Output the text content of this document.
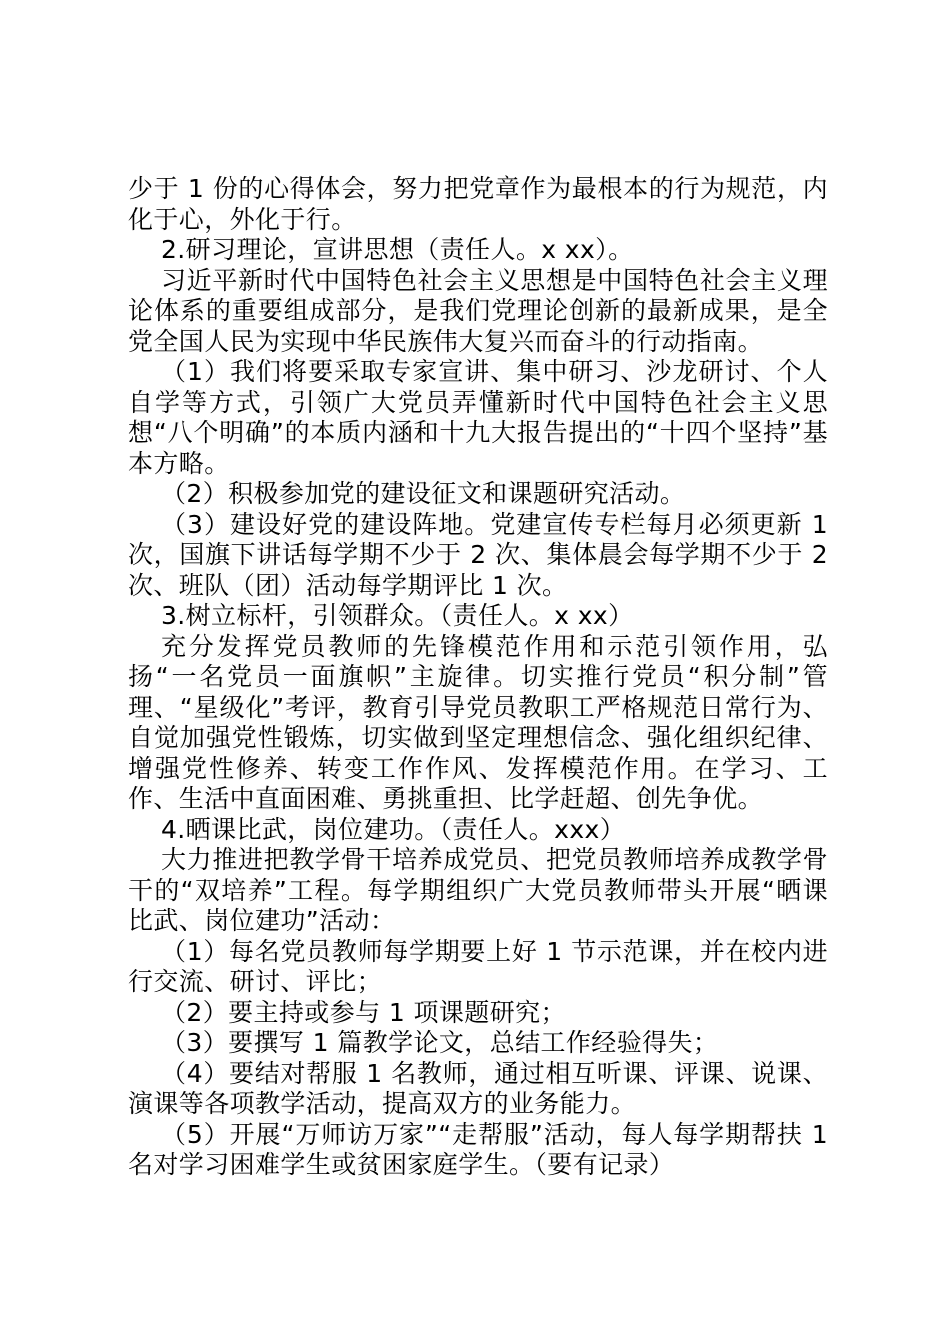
少于 1 份的心得体会，努力把党章作为最根本的行为规范，内化于心，外化于行。

2.研习理论，宣讲思想（责任人。x xx）。

习近平新时代中国特色社会主义思想是中国特色社会主义理论体系的重要组成部分，是我们党理论创新的最新成果，是全党全国人民为实现中华民族伟大复兴而奋斗的行动指南。

（1）我们将要采取专家宣讲、集中研习、沙龙研讨、个人自学等方式，引领广大党员弄懂新时代中国特色社会主义思想“八个明确”的本质内涵和十九大报告提出的“十四个坚持”基本方略。

（2）积极参加党的建设征文和课题研究活动。

（3）建设好党的建设阵地。党建宣传专栏每月必须更新 1 次，国旗下讲话每学期不少于 2 次、集体晨会每学期不少于 2 次、班队（团）活动每学期评比 1 次。

3.树立标杆，引领群众。（责任人。x xx）

充分发挥党员教师的先锋模范作用和示范引领作用，弘扬“一名党员一面旗帜”主旋律。切实推行党员“积分制”管理、“星级化”考评，教育引导党员教职工严格规范日常行为、自觉加强党性锻炼，切实做到坚定理想信念、强化组织纪律、增强党性修养、转变工作作风、发挥模范作用。在学习、工作、生活中直面困难、勇挑重担、比学赶超、创先争优。

4.晒课比武，岗位建功。（责任人。xxx）

大力推进把教学骨干培养成党员、把党员教师培养成教学骨干的“双培养”工程。每学期组织广大党员教师带头开展“晒课比武、岗位建功”活动：

（1）每名党员教师每学期要上好 1 节示范课，并在校内进行交流、研讨、评比；

（2）要主持或参与 1 项课题研究；

（3）要撰写 1 篇教学论文，总结工作经验得失；

（4）要结对帮服 1 名教师，通过相互听课、评课、说课、演课等各项教学活动，提高双方的业务能力。

（5）开展“万师访万家”“走帮服”活动，每人每学期帮扶 1 名对学习困难学生或贫困家庭学生。（要有记录）
